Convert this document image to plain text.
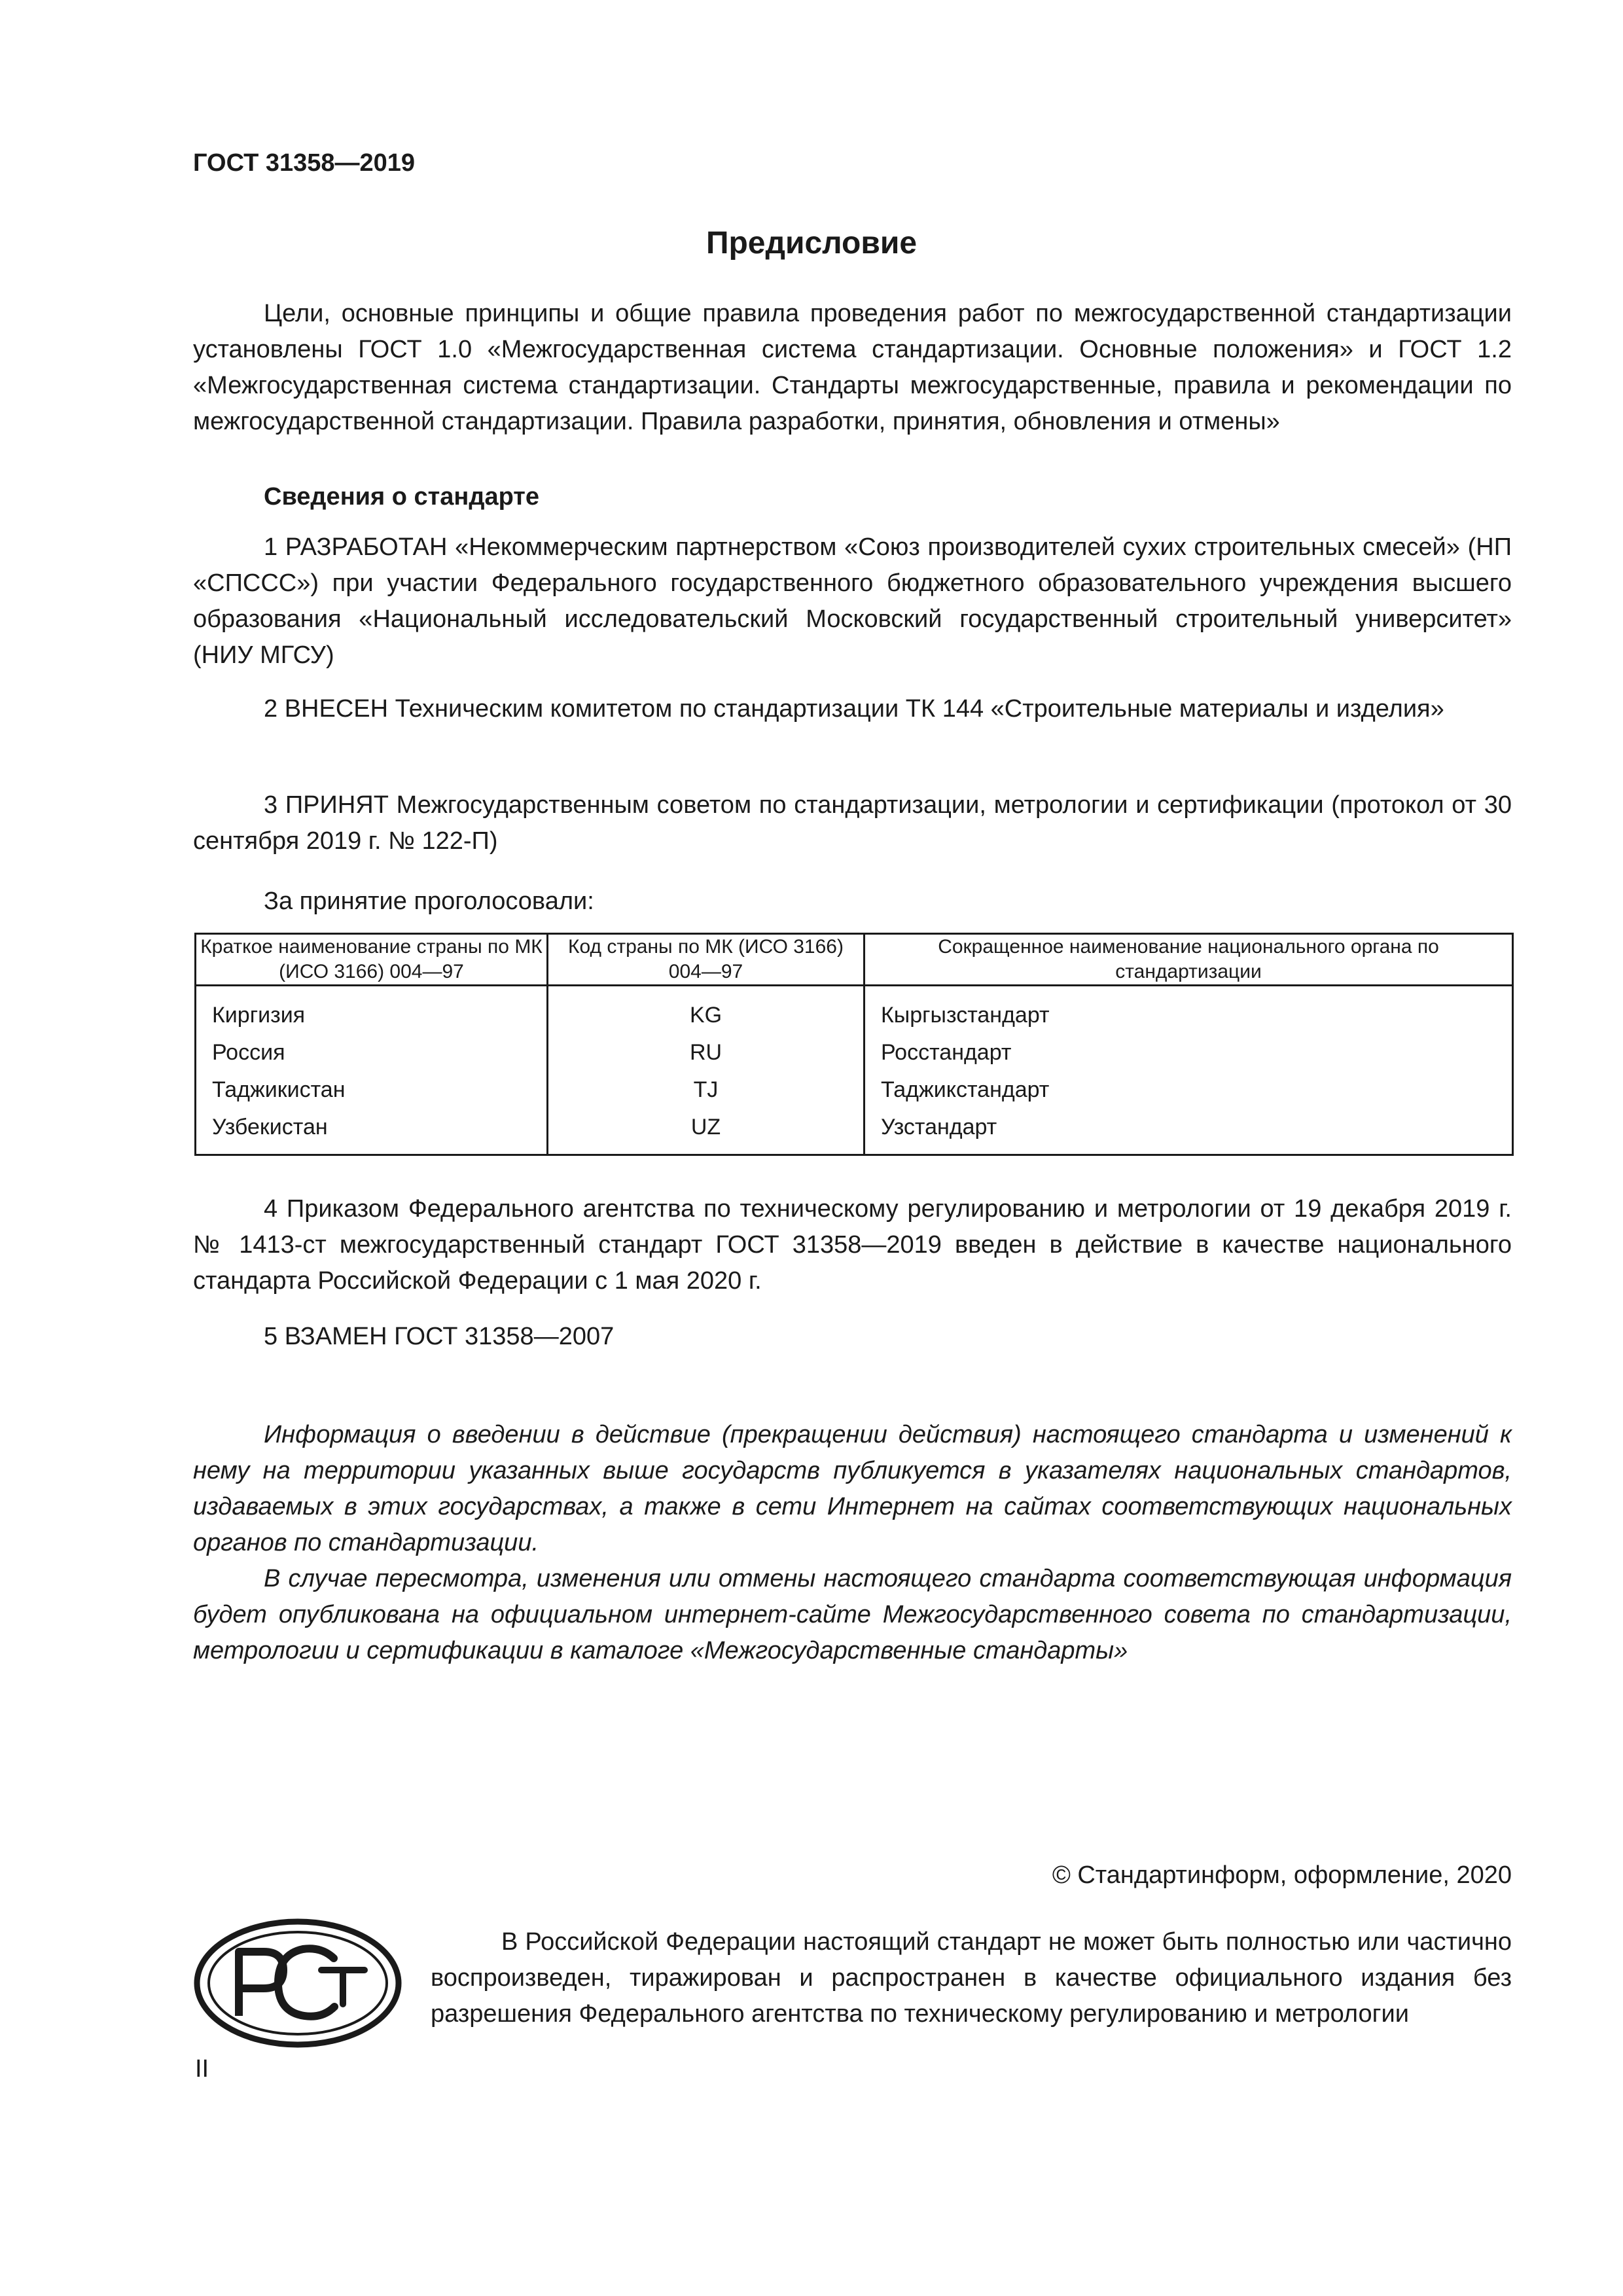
ГОСТ 31358—2019

Предисловие

Цели, основные принципы и общие правила проведения работ по межгосударственной стандартизации установлены ГОСТ 1.0 «Межгосударственная система стандартизации. Основные положения» и ГОСТ 1.2 «Межгосударственная система стандартизации. Стандарты межгосударственные, правила и рекомендации по межгосударственной стандартизации. Правила разработки, принятия, обновления и отмены»

Сведения о стандарте

1 РАЗРАБОТАН «Некоммерческим партнерством «Союз производителей сухих строительных смесей» (НП «СПССС») при участии Федерального государственного бюджетного образовательного учреждения высшего образования «Национальный исследовательский Московский государственный строительный университет» (НИУ МГСУ)

2 ВНЕСЕН Техническим комитетом по стандартизации ТК 144 «Строительные материалы и изделия»

3 ПРИНЯТ Межгосударственным советом по стандартизации, метрологии и сертификации (протокол от 30 сентября 2019 г. № 122-П)

За принятие проголосовали:

Краткое наименование страны по МК (ИСО 3166) 004—97	Код страны по МК (ИСО 3166) 004—97	Сокращенное наименование национального органа по стандартизации
Киргизия	KG	Кыргызстандарт
Россия	RU	Росстандарт
Таджикистан	TJ	Таджикстандарт
Узбекистан	UZ	Узстандарт

4 Приказом Федерального агентства по техническому регулированию и метрологии от 19 декабря 2019 г. № 1413-ст межгосударственный стандарт ГОСТ 31358—2019 введен в действие в качестве национального стандарта Российской Федерации с 1 мая 2020 г.

5 ВЗАМЕН ГОСТ 31358—2007

Информация о введении в действие (прекращении действия) настоящего стандарта и изменений к нему на территории указанных выше государств публикуется в указателях национальных стандартов, издаваемых в этих государствах, а также в сети Интернет на сайтах соответствующих национальных органов по стандартизации.

В случае пересмотра, изменения или отмены настоящего стандарта соответствующая информация будет опубликована на официальном интернет-сайте Межгосударственного совета по стандартизации, метрологии и сертификации в каталоге «Межгосударственные стандарты»

© Стандартинформ, оформление, 2020

В Российской Федерации настоящий стандарт не может быть полностью или частично воспроизведен, тиражирован и распространен в качестве официального издания без разрешения Федерального агентства по техническому регулированию и метрологии

II
